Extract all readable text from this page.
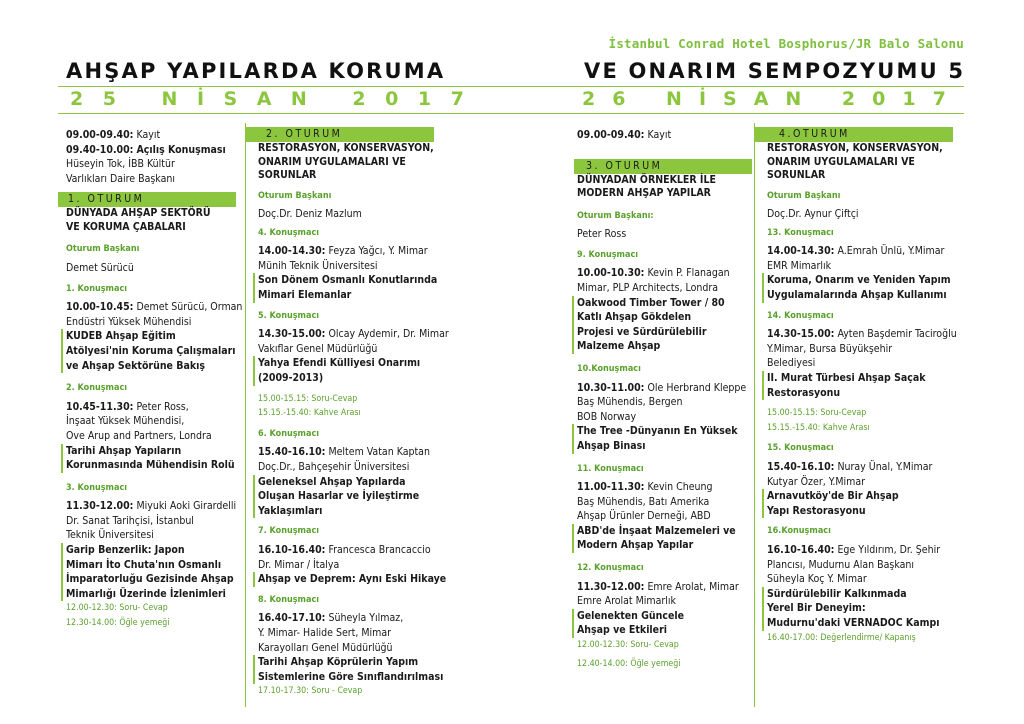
İstanbul Conrad Hotel Bosphorus/JR Balo Salonu
AHŞAP YAPILARDA KORUMA	VE ONARIM SEMPOZYUMU 5
25 NİSAN 2017	26 NİSAN 2017
09.00-09.40: Kayıt
09.40-10.00: Açılış Konuşması
Hüseyin Tok, İBB Kültür
Varlıkları Daire Başkanı
1. OTURUM
DÜNYADA AHŞAP SEKTÖRÜ
VE KORUMA ÇABALARI
Oturum Başkanı
Demet Sürücü
1. Konuşmacı
10.00-10.45: Demet Sürücü, Orman
Endüstri Yüksek Mühendisi
KUDEB Ahşap Eğitim
Atölyesi'nin Koruma Çalışmaları
ve Ahşap Sektörüne Bakış
2. Konuşmacı
10.45-11.30: Peter Ross,
İnşaat Yüksek Mühendisi,
Ove Arup and Partners, Londra
Tarihi Ahşap Yapıların
Korunmasında Mühendisin Rolü
3. Konuşmacı
11.30-12.00: Miyuki Aoki Girardelli
Dr. Sanat Tarihçisi, İstanbul
Teknik Üniversitesi
Garip Benzerlik: Japon
Mimarı İto Chuta'nın Osmanlı
İmparatorluğu Gezisinde Ahşap
Mimarlığı Üzerinde İzlenimleri
12.00-12.30: Soru- Cevap
12.30-14.00: Öğle yemeği
2. OTURUM
RESTORASYON, KONSERVASYON,
ONARIM UYGULAMALARI VE
SORUNLAR
Oturum Başkanı
Doç.Dr. Deniz Mazlum
4. Konuşmacı
14.00-14.30: Feyza Yağcı, Y. Mimar
Münih Teknik Üniversitesi
Son Dönem Osmanlı Konutlarında
Mimari Elemanlar
5. Konuşmacı
14.30-15.00: Olcay Aydemir, Dr. Mimar
Vakıflar Genel Müdürlüğü
Yahya Efendi Külliyesi Onarımı
(2009-2013)
15.00-15.15: Soru-Cevap
15.15.-15.40: Kahve Arası
6. Konuşmacı
15.40-16.10: Meltem Vatan Kaptan
Doç.Dr., Bahçeşehir Üniversitesi
Geleneksel Ahşap Yapılarda
Oluşan Hasarlar ve İyileştirme
Yaklaşımları
7. Konuşmacı
16.10-16.40: Francesca Brancaccio
Dr. Mimar / İtalya
Ahşap ve Deprem: Aynı Eski Hikaye
8. Konuşmacı
16.40-17.10: Süheyla Yılmaz,
Y. Mimar- Halide Sert, Mimar
Karayolları Genel Müdürlüğü
Tarihi Ahşap Köprülerin Yapım
Sistemlerine Göre Sınıflandırılması
17.10-17.30: Soru - Cevap
09.00-09.40: Kayıt
3. OTURUM
DÜNYADAN ÖRNEKLER İLE
MODERN AHŞAP YAPILAR
Oturum Başkanı:
Peter Ross
9. Konuşmacı
10.00-10.30: Kevin P. Flanagan
Mimar, PLP Architects, Londra
Oakwood Timber Tower / 80
Katlı Ahşap Gökdelen
Projesi ve Sürdürülebilir
Malzeme Ahşap
10.Konuşmacı
10.30-11.00: Ole Herbrand Kleppe
Baş Mühendis, Bergen
BOB Norway
The Tree -Dünyanın En Yüksek
Ahşap Binası
11. Konuşmacı
11.00-11.30: Kevin Cheung
Baş Mühendis, Batı Amerika
Ahşap Ürünler Derneği, ABD
ABD'de İnşaat Malzemeleri ve
Modern Ahşap Yapılar
12. Konuşmacı
11.30-12.00: Emre Arolat, Mimar
Emre Arolat Mimarlık
Gelenekten Güncele
Ahşap ve Etkileri
12.00-12.30: Soru- Cevap
12.40-14.00: Öğle yemeği
4.OTURUM
RESTORASYON, KONSERVASYON,
ONARIM UYGULAMALARI VE
SORUNLAR
Oturum Başkanı
Doç.Dr. Aynur Çiftçi
13. Konuşmacı
14.00-14.30: A.Emrah Ünlü, Y.Mimar
EMR Mimarlık
Koruma, Onarım ve Yeniden Yapım
Uygulamalarında Ahşap Kullanımı
14. Konuşmacı
14.30-15.00: Ayten Başdemir Taciroğlu
Y.Mimar, Bursa Büyükşehir
Belediyesi
II. Murat Türbesi Ahşap Saçak
Restorasyonu
15.00-15.15: Soru-Cevap
15.15.-15.40: Kahve Arası
15. Konuşmacı
15.40-16.10: Nuray Ünal, Y.Mimar
Kutyar Özer, Y.Mimar
Arnavutköy'de Bir Ahşap
Yapı Restorasyonu
16.Konuşmacı
16.10-16.40: Ege Yıldırım, Dr. Şehir
Plancısı, Mudurnu Alan Başkanı
Süheyla Koç Y. Mimar
Sürdürülebilir Kalkınmada
Yerel Bir Deneyim:
Mudurnu'daki VERNADOC Kampı
16.40-17.00: Değerlendirme/ Kapanış
